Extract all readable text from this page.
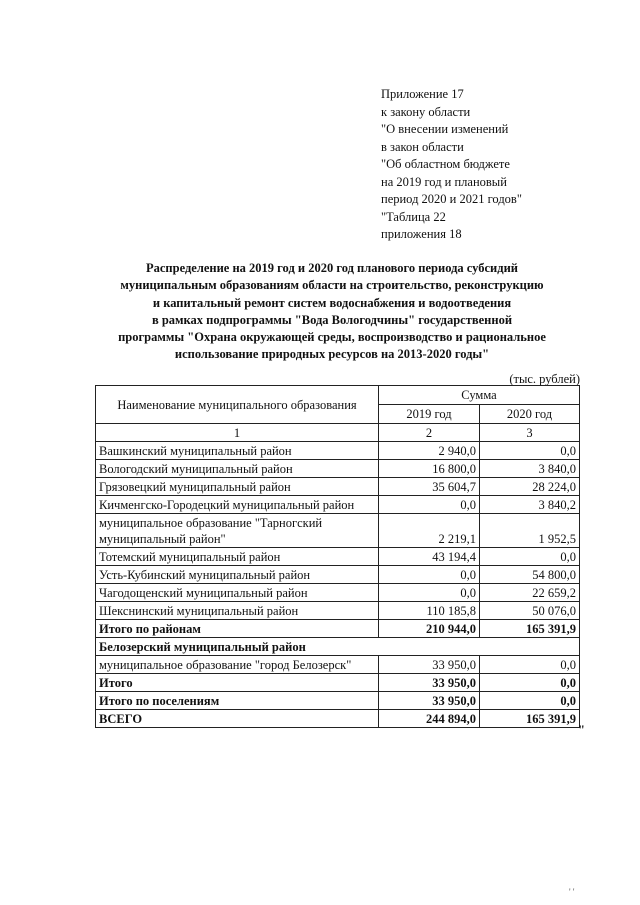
Приложение 17
к закону области
"О внесении изменений
в закон области
"Об областном бюджете
на 2019 год и плановый
период 2020 и 2021 годов"
"Таблица 22
приложения 18
Распределение на 2019 год и 2020 год планового периода субсидий
муниципальным образованиям области на строительство, реконструкцию
и капитальный ремонт систем водоснабжения и водоотведения
в рамках подпрограммы "Вода Вологодчины" государственной
программы "Охрана окружающей среды, воспроизводство и рациональное
использование природных ресурсов на 2013-2020 годы"
(тыс. рублей)
Наименование муниципального образования	Сумма	
	2019 год	2020 год
1	2	3
Вашкинский муниципальный район	2 940,0	0,0
Вологодский муниципальный район	16 800,0	3 840,0
Грязовецкий муниципальный район	35 604,7	28 224,0
Кичменгско-Городецкий муниципальный район	0,0	3 840,2
муниципальное образование "Тарногский муниципальный район"	2 219,1	1 952,5
Тотемский муниципальный район	43 194,4	0,0
Усть-Кубинский муниципальный район	0,0	54 800,0
Чагодощенский муниципальный район	0,0	22 659,2
Шекснинский муниципальный район	110 185,8	50 076,0
Итого по районам	210 944,0	165 391,9
Белозерский муниципальный район		
муниципальное образование "город Белозерск"	33 950,0	0,0
Итого	33 950,0	0,0
Итого по поселениям	33 950,0	0,0
ВСЕГО	244 894,0	165 391,9
"
' '
